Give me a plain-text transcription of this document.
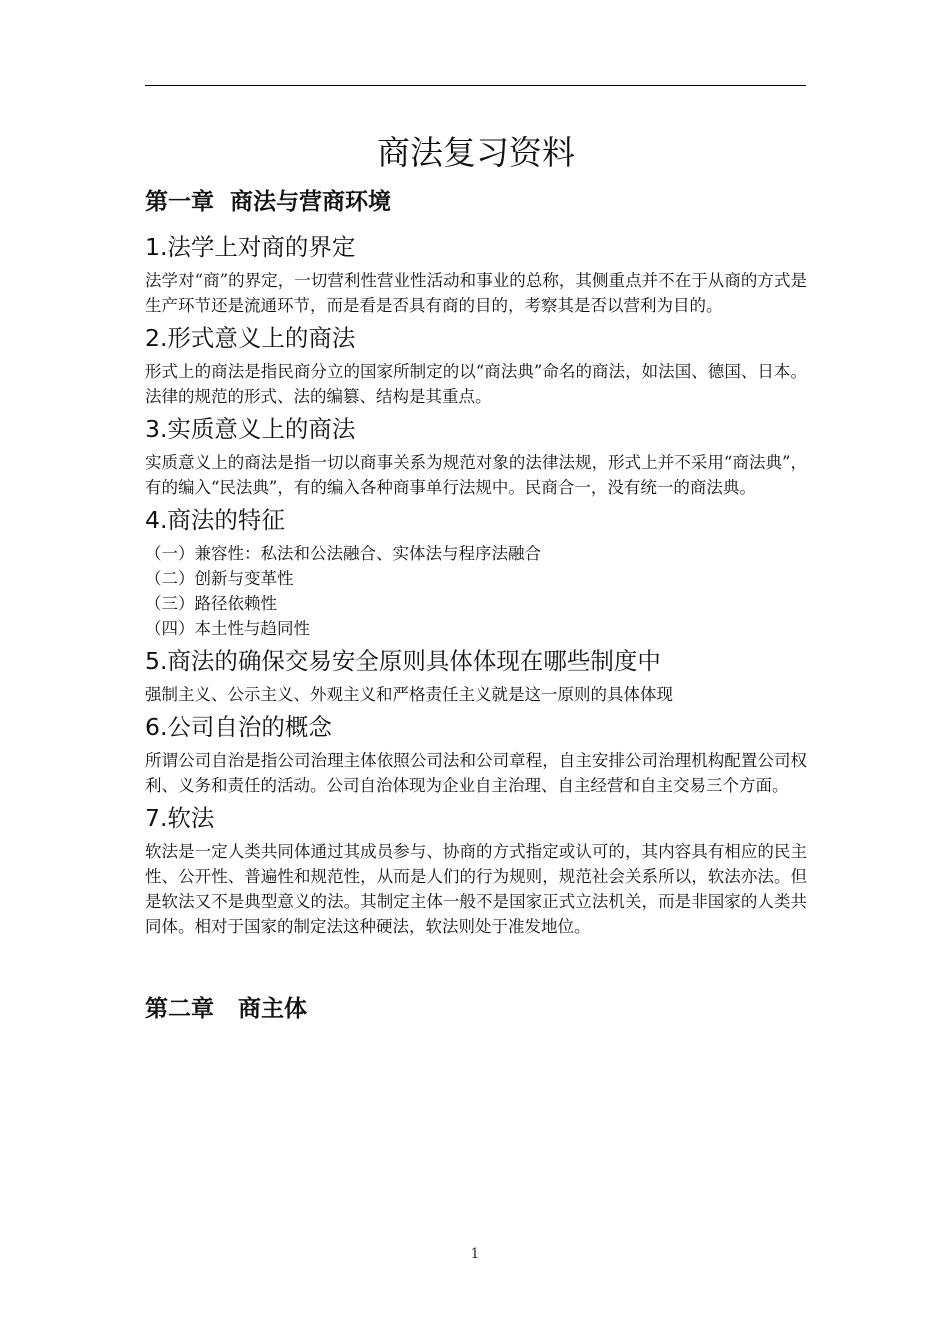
商法复习资料
第一章  商法与营商环境
1.法学上对商的界定

法学对“商”的界定，一切营利性营业性活动和事业的总称，其侧重点并不在于从商的方式是生产环节还是流通环节，而是看是否具有商的目的，考察其是否以营利为目的。

2.形式意义上的商法

形式上的商法是指民商分立的国家所制定的以“商法典”命名的商法，如法国、德国、日本。法律的规范的形式、法的编篡、结构是其重点。

3.实质意义上的商法

实质意义上的商法是指一切以商事关系为规范对象的法律法规，形式上并不采用“商法典”，有的编入“民法典”，有的编入各种商事单行法规中。民商合一，没有统一的商法典。

4.商法的特征
（一）兼容性：私法和公法融合、实体法与程序法融合
（二）创新与变革性
（三）路径依赖性
（四）本土性与趋同性
5.商法的确保交易安全原则具体体现在哪些制度中

强制主义、公示主义、外观主义和严格责任主义就是这一原则的具体体现

6.公司自治的概念

所谓公司自治是指公司治理主体依照公司法和公司章程，自主安排公司治理机构配置公司权利、义务和责任的活动。公司自治体现为企业自主治理、自主经营和自主交易三个方面。

7.软法

软法是一定人类共同体通过其成员参与、协商的方式指定或认可的，其内容具有相应的民主性、公开性、普遍性和规范性，从而是人们的行为规则，规范社会关系所以，软法亦法。但是软法又不是典型意义的法。其制定主体一般不是国家正式立法机关，而是非国家的人类共同体。相对于国家的制定法这种硬法，软法则处于准发地位。

第二章   商主体
1
